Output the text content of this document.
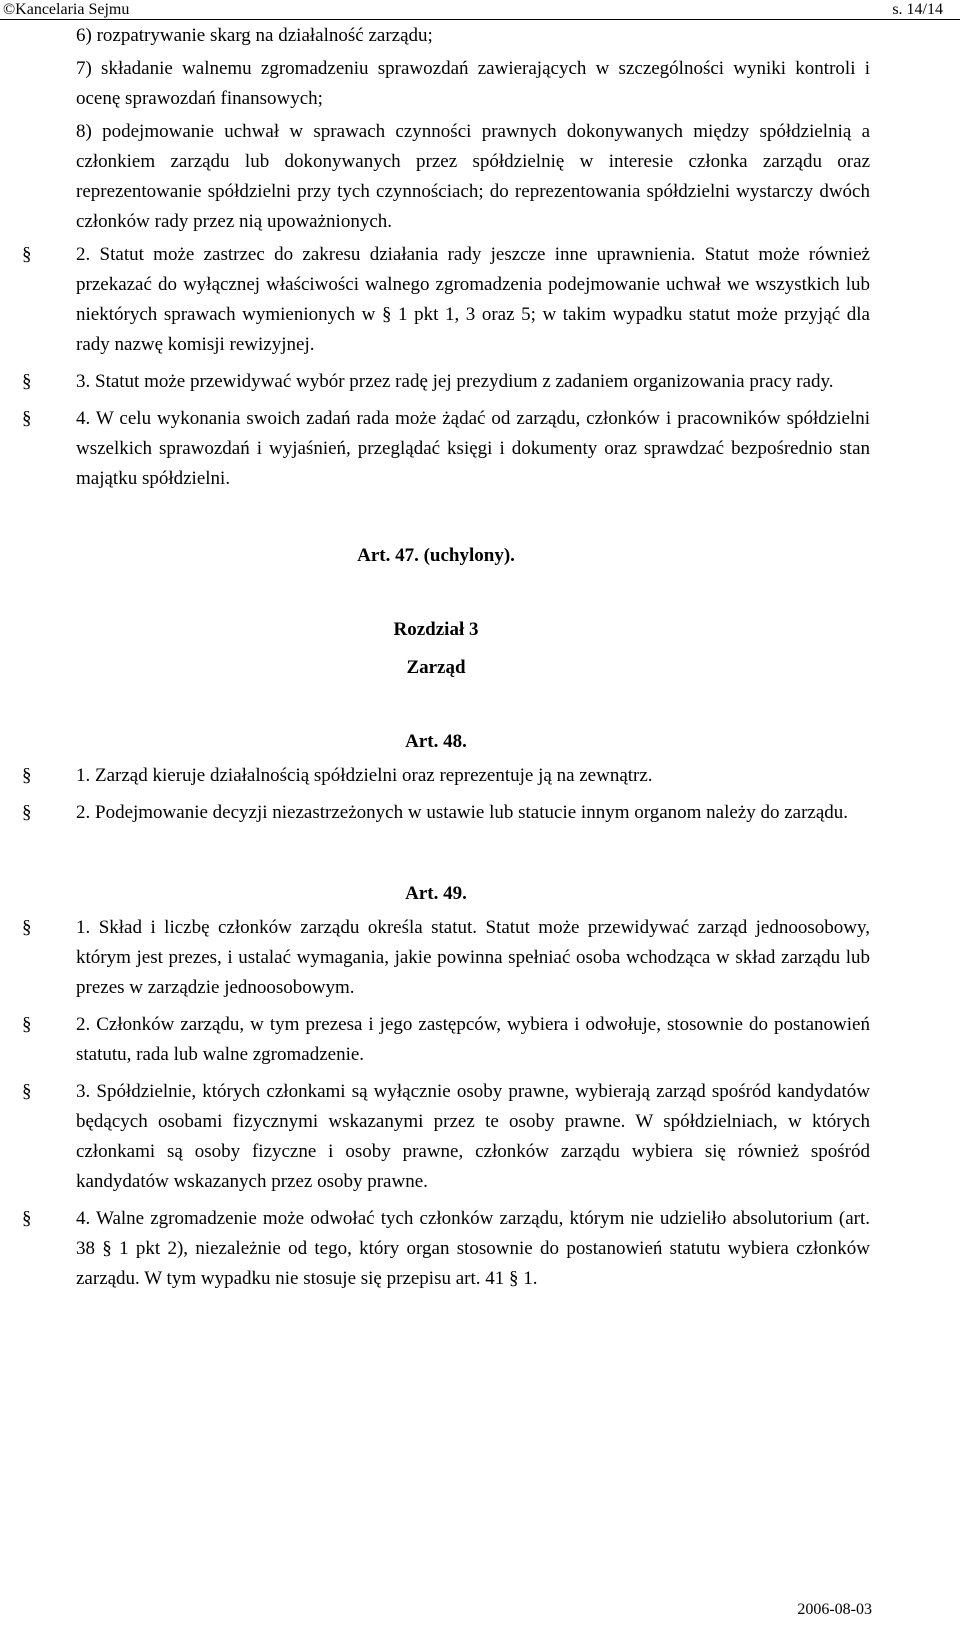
©Kancelaria Sejmu	s. 14/14

6) rozpatrywanie skarg na działalność zarządu;

7) składanie walnemu zgromadzeniu sprawozdań zawierających w szczególności wyniki kontroli i ocenę sprawozdań finansowych;

8) podejmowanie uchwał w sprawach czynności prawnych dokonywanych między spółdzielnią a członkiem zarządu lub dokonywanych przez spółdzielnię w interesie członka zarządu oraz reprezentowanie spółdzielni przy tych czynnościach; do reprezentowania spółdzielni wystarczy dwóch członków rady przez nią upoważnionych.

§ 2. Statut może zastrzec do zakresu działania rady jeszcze inne uprawnienia. Statut może również przekazać do wyłącznej właściwości walnego zgromadzenia podejmowanie uchwał we wszystkich lub niektórych sprawach wymienionych w § 1 pkt 1, 3 oraz 5; w takim wypadku statut może przyjąć dla rady nazwę komisji rewizyjnej.

§ 3. Statut może przewidywać wybór przez radę jej prezydium z zadaniem organizowania pracy rady.

§ 4. W celu wykonania swoich zadań rada może żądać od zarządu, członków i pracowników spółdzielni wszelkich sprawozdań i wyjaśnień, przeglądać księgi i dokumenty oraz sprawdzać bezpośrednio stan majątku spółdzielni.

Art. 47. (uchylony).

Rozdział 3

Zarząd

Art. 48.

§ 1. Zarząd kieruje działalnością spółdzielni oraz reprezentuje ją na zewnątrz.

§ 2. Podejmowanie decyzji niezastrzeżonych w ustawie lub statucie innym organom należy do zarządu.

Art. 49.

§ 1. Skład i liczbę członków zarządu określa statut. Statut może przewidywać zarząd jednoosobowy, którym jest prezes, i ustalać wymagania, jakie powinna spełniać osoba wchodząca w skład zarządu lub prezes w zarządzie jednoosobowym.

§ 2. Członków zarządu, w tym prezesa i jego zastępców, wybiera i odwołuje, stosownie do postanowień statutu, rada lub walne zgromadzenie.

§ 3. Spółdzielnie, których członkami są wyłącznie osoby prawne, wybierają zarząd spośród kandydatów będących osobami fizycznymi wskazanymi przez te osoby prawne. W spółdzielniach, w których członkami są osoby fizyczne i osoby prawne, członków zarządu wybiera się również spośród kandydatów wskazanych przez osoby prawne.

§ 4. Walne zgromadzenie może odwołać tych członków zarządu, którym nie udzieliło absolutorium (art. 38 § 1 pkt 2), niezależnie od tego, który organ stosownie do postanowień statutu wybiera członków zarządu. W tym wypadku nie stosuje się przepisu art. 41 § 1.

2006-08-03
